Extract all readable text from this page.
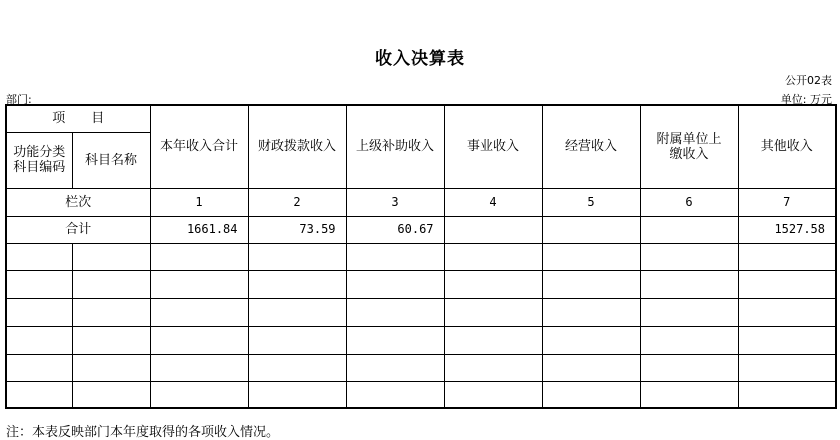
收入决算表
公开02表
部门:	单位: 万元
项　　目		本年收入合计	财政拨款收入	上级补助收入	事业收入	经营收入	附属单位上缴收入	其他收入
功能分类科目编码	科目名称							
栏次		1	2	3	4	5	6	7
合计		1661.84	73.59	60.67				1527.58

注：本表反映部门本年度取得的各项收入情况。
